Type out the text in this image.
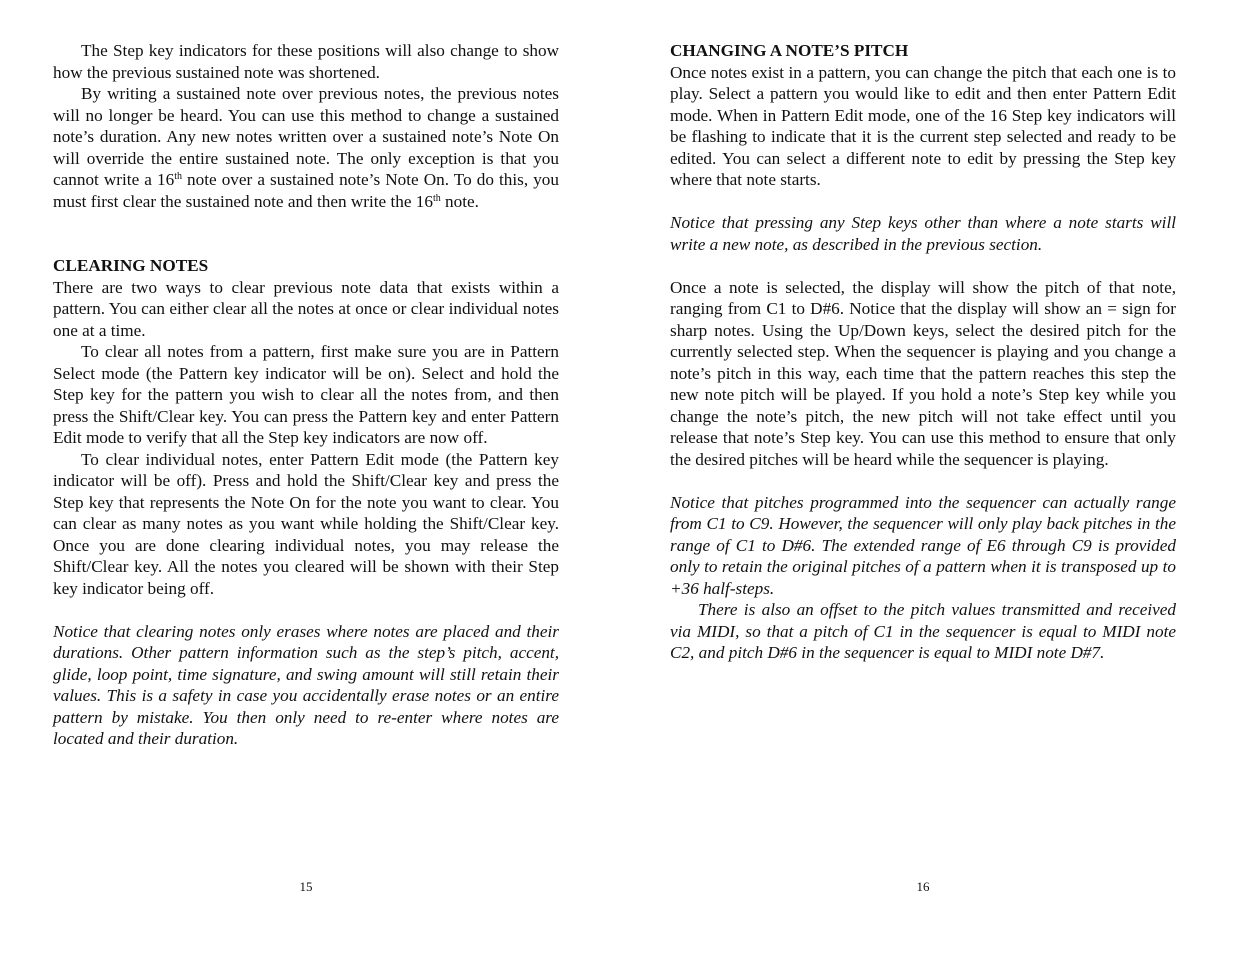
The Step key indicators for these positions will also change to show how the previous sustained note was shortened.

By writing a sustained note over previous notes, the previous notes will no longer be heard. You can use this method to change a sustained note’s duration. Any new notes written over a sustained note’s Note On will override the entire sustained note. The only exception is that you cannot write a 16th note over a sustained note’s Note On. To do this, you must first clear the sustained note and then write the 16th note.

CLEARING NOTES

There are two ways to clear previous note data that exists within a pattern. You can either clear all the notes at once or clear individual notes one at a time.

To clear all notes from a pattern, first make sure you are in Pattern Select mode (the Pattern key indicator will be on). Select and hold the Step key for the pattern you wish to clear all the notes from, and then press the Shift/Clear key. You can press the Pattern key and enter Pattern Edit mode to verify that all the Step key indicators are now off.

To clear individual notes, enter Pattern Edit mode (the Pattern key indicator will be off). Press and hold the Shift/Clear key and press the Step key that represents the Note On for the note you want to clear. You can clear as many notes as you want while holding the Shift/Clear key. Once you are done clearing individual notes, you may release the Shift/Clear key. All the notes you cleared will be shown with their Step key indicator being off.

Notice that clearing notes only erases where notes are placed and their durations. Other pattern information such as the step’s pitch, accent, glide, loop point, time signature, and swing amount will still retain their values. This is a safety in case you accidentally erase notes or an entire pattern by mistake. You then only need to re-enter where notes are located and their duration.

CHANGING A NOTE’S PITCH

Once notes exist in a pattern, you can change the pitch that each one is to play. Select a pattern you would like to edit and then enter Pattern Edit mode. When in Pattern Edit mode, one of the 16 Step key indicators will be flashing to indicate that it is the current step selected and ready to be edited. You can select a different note to edit by pressing the Step key where that note starts.

Notice that pressing any Step keys other than where a note starts will write a new note, as described in the previous section.

Once a note is selected, the display will show the pitch of that note, ranging from C1 to D#6. Notice that the display will show an = sign for sharp notes. Using the Up/Down keys, select the desired pitch for the currently selected step. When the sequencer is playing and you change a note’s pitch in this way, each time that the pattern reaches this step the new note pitch will be played. If you hold a note’s Step key while you change the note’s pitch, the new pitch will not take effect until you release that note’s Step key. You can use this method to ensure that only the desired pitches will be heard while the sequencer is playing.

Notice that pitches programmed into the sequencer can actually range from C1 to C9. However, the sequencer will only play back pitches in the range of C1 to D#6. The extended range of E6 through C9 is provided only to retain the original pitches of a pattern when it is transposed up to +36 half-steps.

There is also an offset to the pitch values transmitted and received via MIDI, so that a pitch of C1 in the sequencer is equal to MIDI note C2, and pitch D#6 in the sequencer is equal to MIDI note D#7.

15	16
